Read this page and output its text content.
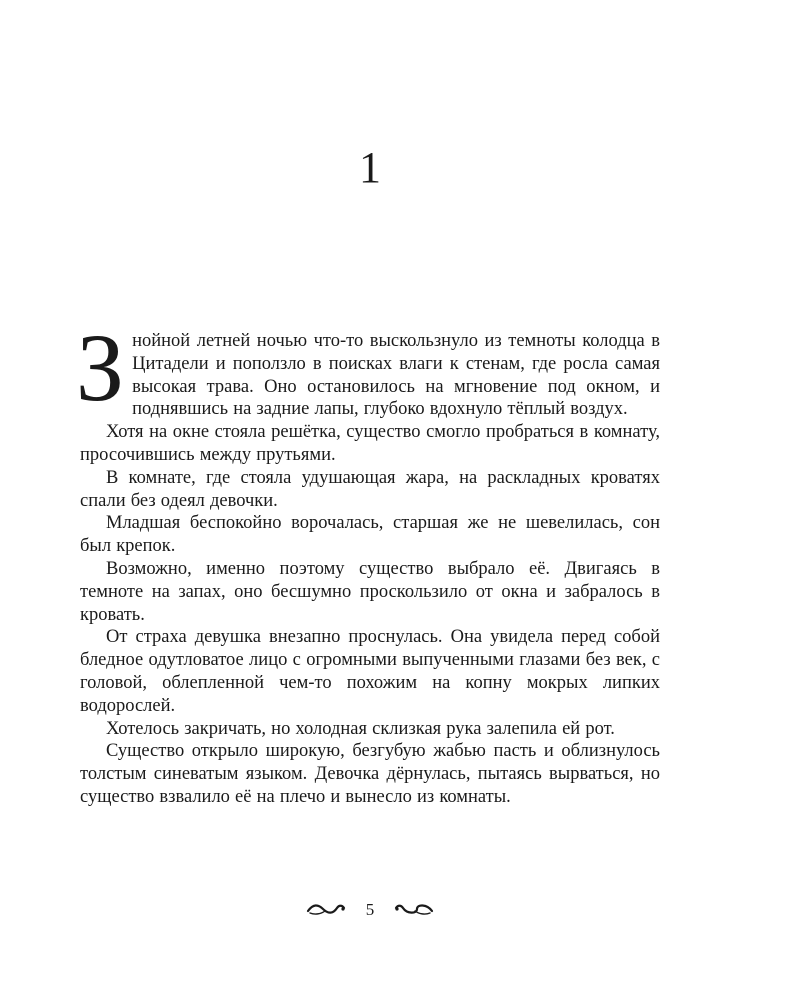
1

Знойной летней ночью что-то выскользнуло из темноты колодца в Цитадели и поползло в поисках влаги к стенам, где росла самая высокая трава. Оно остановилось на мгновение под окном, и поднявшись на задние лапы, глубоко вдохнуло тёплый воздух.

Хотя на окне стояла решётка, существо смогло пробраться в комнату, просочившись между прутьями.

В комнате, где стояла удушающая жара, на раскладных кроватях спали без одеял девочки.

Младшая беспокойно ворочалась, старшая же не шевелилась, сон был крепок.

Возможно, именно поэтому существо выбрало её. Двигаясь в темноте на запах, оно бесшумно проскользило от окна и забралось в кровать.

От страха девушка внезапно проснулась. Она увидела перед собой бледное одутловатое лицо с огромными выпученными глазами без век, с головой, облепленной чем-то похожим на копну мокрых липких водорослей.

Хотелось закричать, но холодная склизкая рука залепила ей рот.

Существо открыло широкую, безгубую жабью пасть и облизнулось толстым синеватым языком. Девочка дёрнулась, пытаясь вырваться, но существо взвалило её на плечо и вынесло из комнаты.

5
